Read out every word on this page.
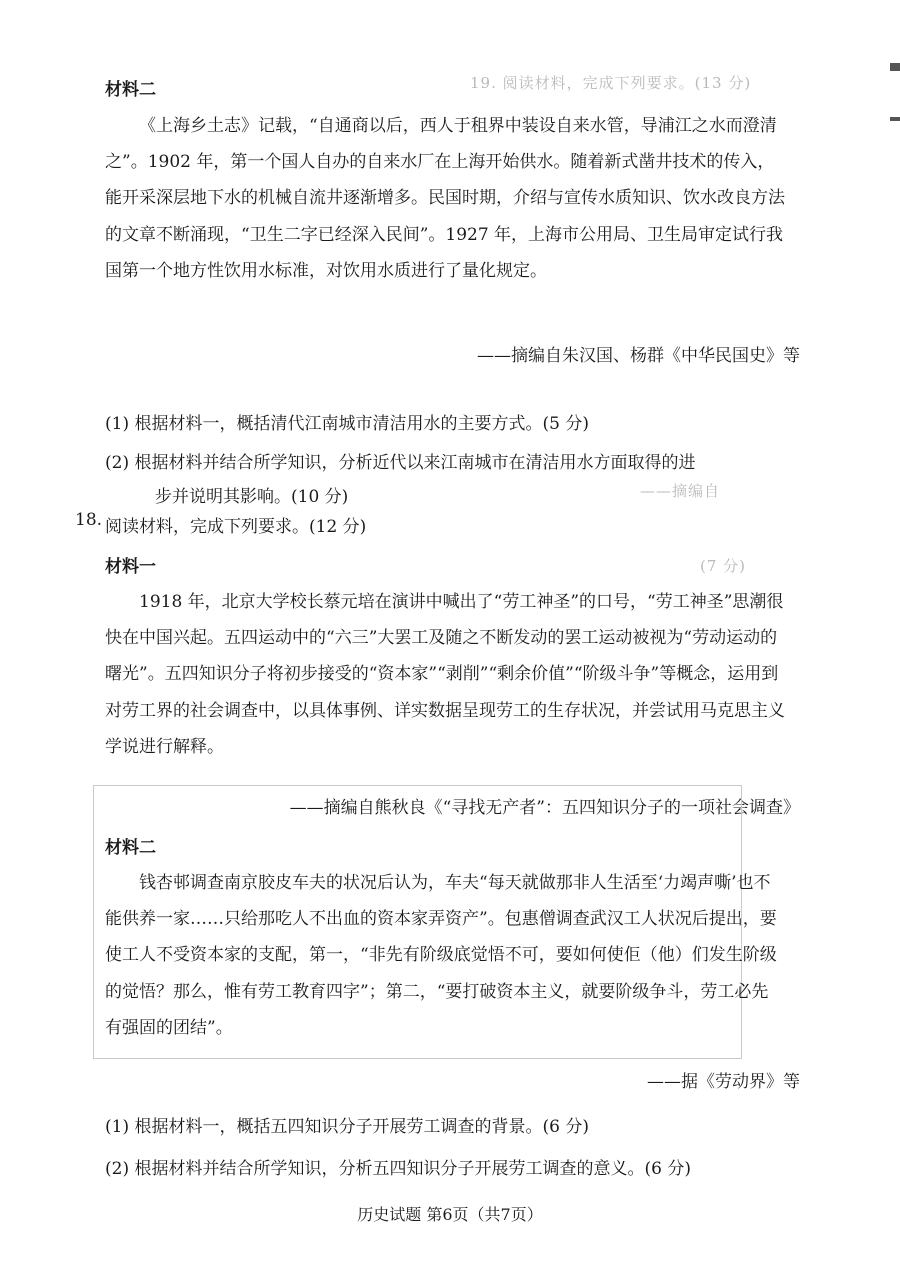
19. 阅读材料，完成下列要求。(13 分)
——摘编自
(7 分)
材料二

《上海乡土志》记载，“自通商以后，西人于租界中装设自来水管，导浦江之水而澄清之”。1902 年，第一个国人自办的自来水厂在上海开始供水。随着新式凿井技术的传入，能开采深层地下水的机械自流井逐渐增多。民国时期，介绍与宣传水质知识、饮水改良方法的文章不断涌现，“卫生二字已经深入民间”。1927 年，上海市公用局、卫生局审定试行我国第一个地方性饮用水标准，对饮用水质进行了量化规定。

——摘编自朱汉国、杨群《中华民国史》等
(1) 根据材料一，概括清代江南城市清洁用水的主要方式。(5 分)
(2) 根据材料并结合所学知识，分析近代以来江南城市在清洁用水方面取得的进
步并说明其影响。(10 分)
18. 阅读材料，完成下列要求。(12 分)
材料一

1918 年，北京大学校长蔡元培在演讲中喊出了“劳工神圣”的口号，“劳工神圣”思潮很快在中国兴起。五四运动中的“六三”大罢工及随之不断发动的罢工运动被视为“劳动运动的曙光”。五四知识分子将初步接受的“资本家”“剥削”“剩余价值”“阶级斗争”等概念，运用到对劳工界的社会调查中，以具体事例、详实数据呈现劳工的生存状况，并尝试用马克思主义学说进行解释。

——摘编自熊秋良《“寻找无产者”：五四知识分子的一项社会调查》
材料二

钱杏邨调查南京胶皮车夫的状况后认为，车夫“每天就做那非人生活至‘力竭声嘶’也不能供养一家……只给那吃人不出血的资本家弄资产”。包惠僧调查武汉工人状况后提出，要使工人不受资本家的支配，第一，“非先有阶级底觉悟不可，要如何使佢（他）们发生阶级的觉悟？那么，惟有劳工教育四字”；第二，“要打破资本主义，就要阶级争斗，劳工必先有强固的团结”。

——据《劳动界》等
(1) 根据材料一，概括五四知识分子开展劳工调查的背景。(6 分)
(2) 根据材料并结合所学知识，分析五四知识分子开展劳工调查的意义。(6 分)
历史试题 第6页（共7页）
